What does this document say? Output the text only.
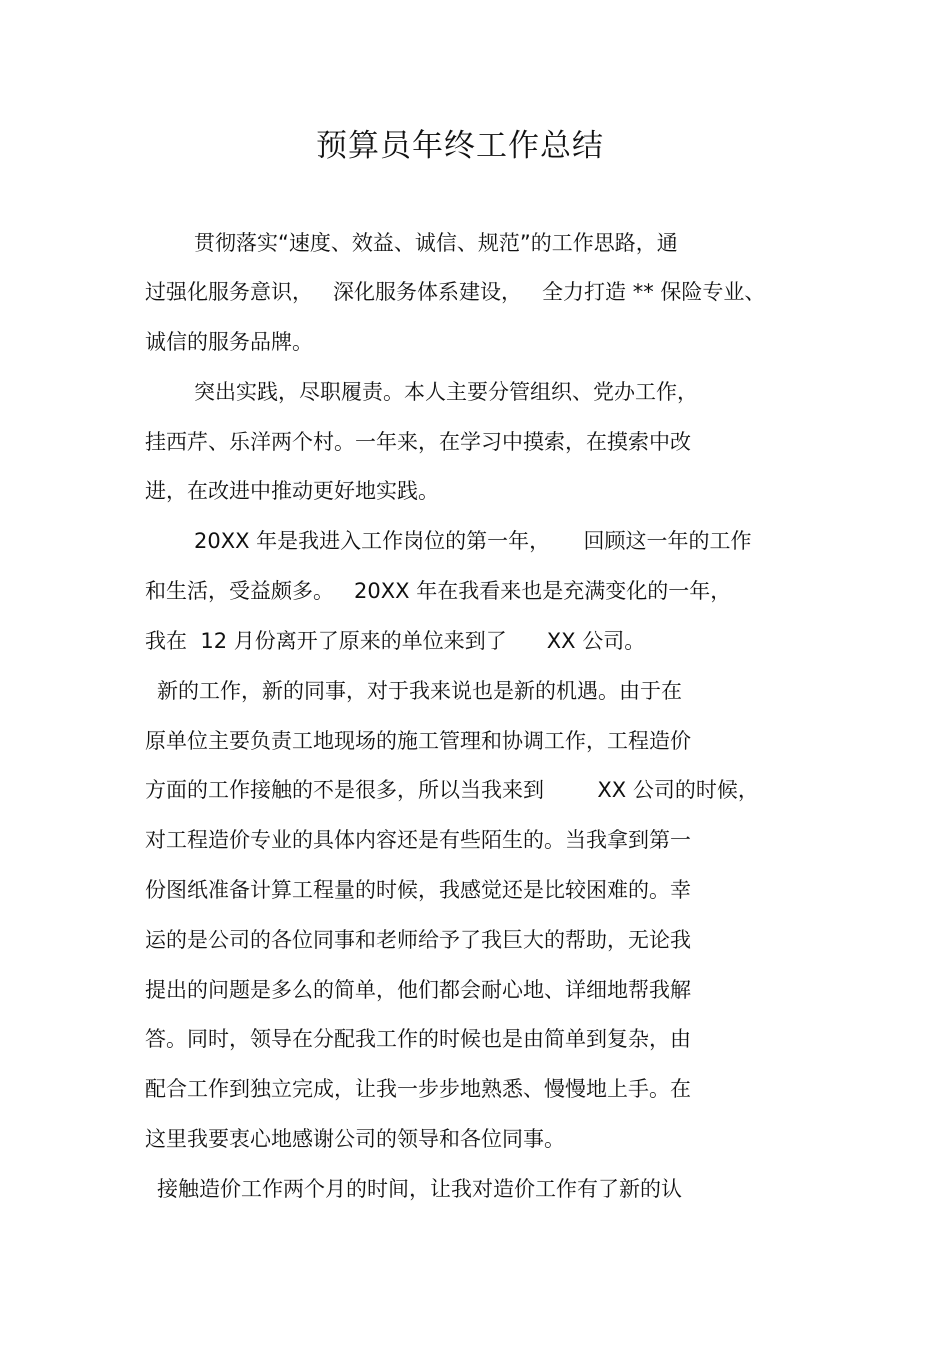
预算员年终工作总结
贯彻落实“速度、效益、诚信、规范”的工作思路，通
过强化服务意识，   深化服务体系建设，   全力打造 ** 保险专业、
诚信的服务品牌。
突出实践，尽职履责。本人主要分管组织、党办工作，
挂西芹、乐洋两个村。一年来，在学习中摸索，在摸索中改
进，在改进中推动更好地实践。
20XX 年是我进入工作岗位的第一年，     回顾这一年的工作
和生活，受益颇多。   20XX 年在我看来也是充满变化的一年，
我在  12 月份离开了原来的单位来到了      XX 公司。
新的工作，新的同事，对于我来说也是新的机遇。由于在
原单位主要负责工地现场的施工管理和协调工作，工程造价
方面的工作接触的不是很多，所以当我来到        XX 公司的时候，
对工程造价专业的具体内容还是有些陌生的。当我拿到第一
份图纸准备计算工程量的时候，我感觉还是比较困难的。幸
运的是公司的各位同事和老师给予了我巨大的帮助，无论我
提出的问题是多么的简单，他们都会耐心地、详细地帮我解
答。同时，领导在分配我工作的时候也是由简单到复杂，由
配合工作到独立完成，让我一步步地熟悉、慢慢地上手。在
这里我要衷心地感谢公司的领导和各位同事。
接触造价工作两个月的时间，让我对造价工作有了新的认
